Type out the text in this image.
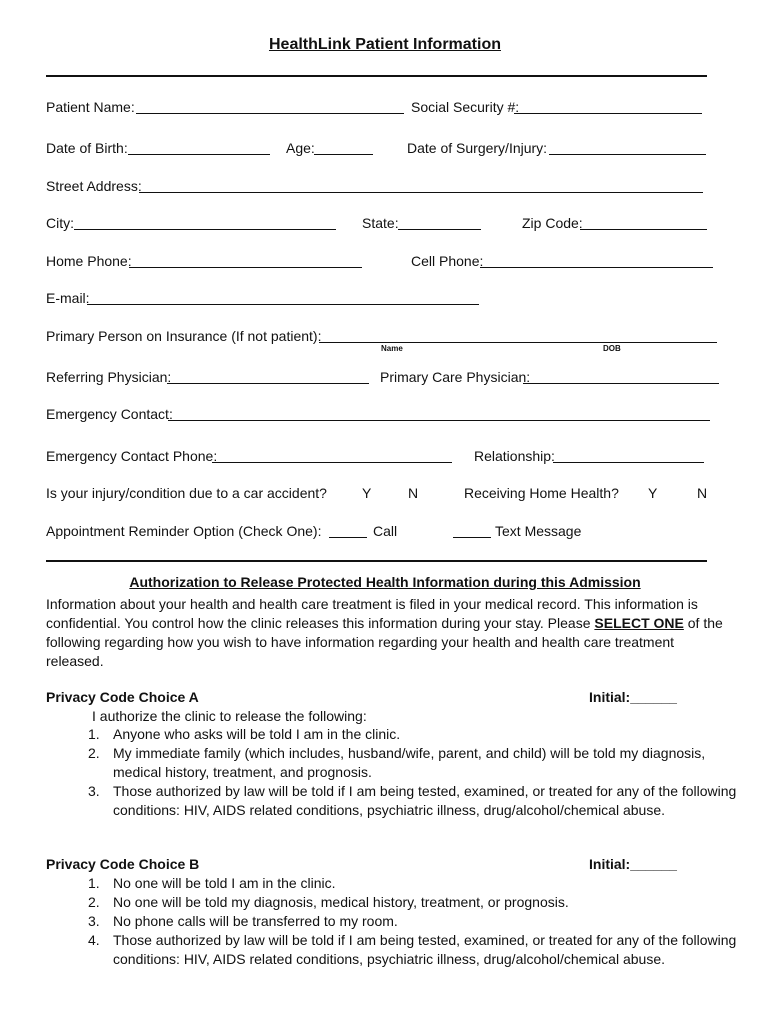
HealthLink Patient Information
Patient Name:	Social Security #:
Date of Birth:	Age:	Date of Surgery/Injury:
Street Address:
City:	State:	Zip Code:
Home Phone:	Cell Phone:
E-mail:
Primary Person on Insurance (If not patient):
Name	DOB
Referring Physician:	Primary Care Physician:
Emergency Contact:
Emergency Contact Phone:	Relationship:
Is your injury/condition due to a car accident?	Y	N	Receiving Home Health? Y	N
Appointment Reminder Option (Check One):	Call	Text Message
Authorization to Release Protected Health Information during this Admission
Information about your health and health care treatment is filed in your medical record. This information is confidential. You control how the clinic releases this information during your stay. Please SELECT ONE of the following regarding how you wish to have information regarding your health and health care treatment released.
Privacy Code Choice A	Initial:______
I authorize the clinic to release the following:
1. Anyone who asks will be told I am in the clinic.
2. My immediate family (which includes, husband/wife, parent, and child) will be told my diagnosis, medical history, treatment, and prognosis.
3. Those authorized by law will be told if I am being tested, examined, or treated for any of the following conditions: HIV, AIDS related conditions, psychiatric illness, drug/alcohol/chemical abuse.
Privacy Code Choice B	Initial:______
1. No one will be told I am in the clinic.
2. No one will be told my diagnosis, medical history, treatment, or prognosis.
3. No phone calls will be transferred to my room.
4. Those authorized by law will be told if I am being tested, examined, or treated for any of the following conditions: HIV, AIDS related conditions, psychiatric illness, drug/alcohol/chemical abuse.
